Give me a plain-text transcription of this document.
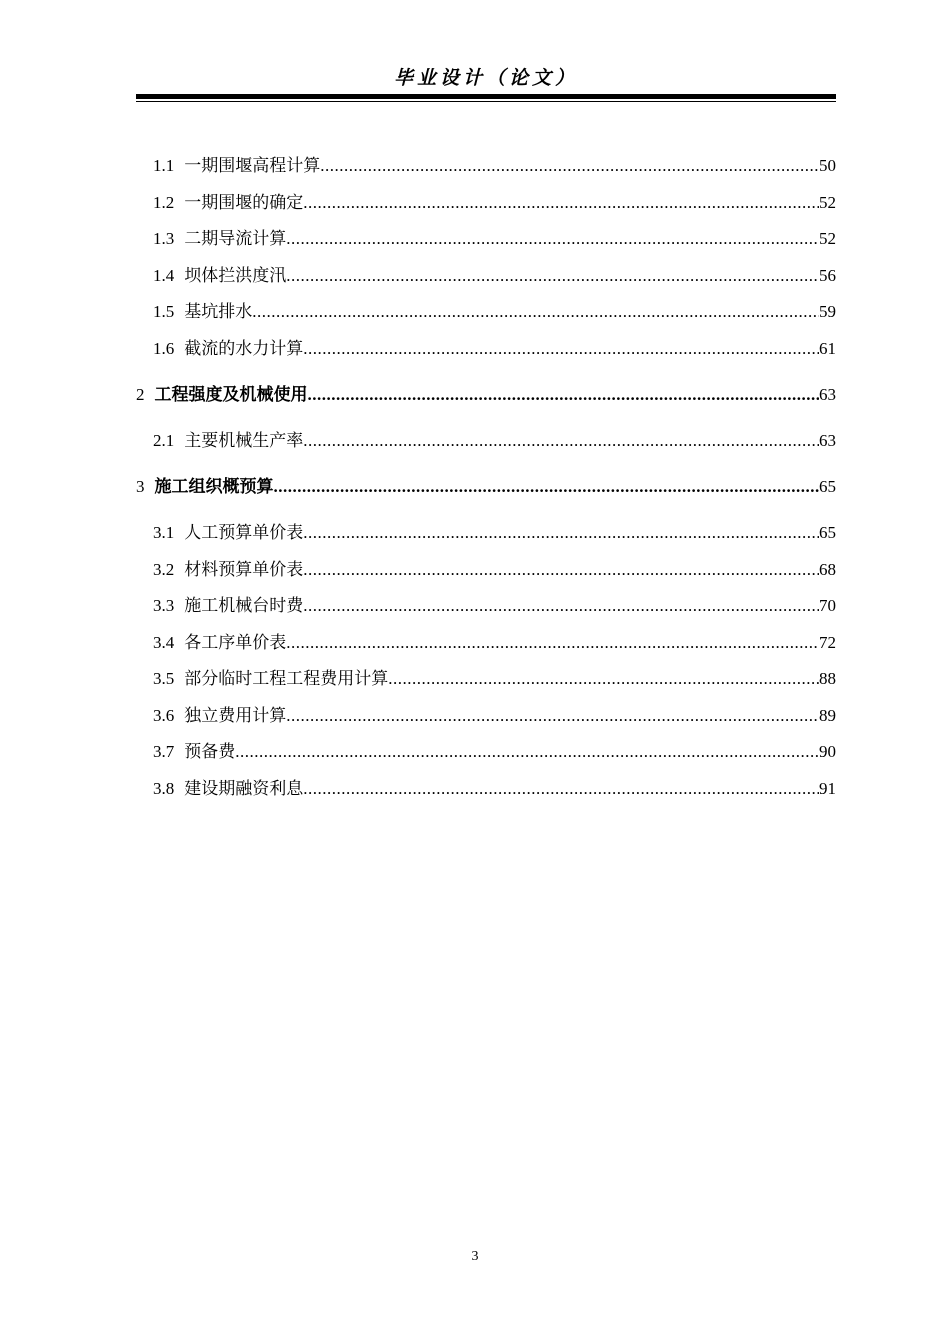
毕业设计（论文）
1.1 一期围堰高程计算 .....	50
1.2 一期围堰的确定 .....	52
1.3 二期导流计算 .....	52
1.4 坝体拦洪度汛 .....	56
1.5 基坑排水 .....	59
1.6 截流的水力计算 .....	61
2 工程强度及机械使用 .....	63
2.1 主要机械生产率 .....	63
3 施工组织概预算 .....	65
3.1 人工预算单价表 .....	65
3.2 材料预算单价表 .....	68
3.3 施工机械台时费 .....	70
3.4 各工序单价表 .....	72
3.5 部分临时工程工程费用计算 .....	88
3.6 独立费用计算 .....	89
3.7 预备费 .....	90
3.8 建设期融资利息 .....	91
3
